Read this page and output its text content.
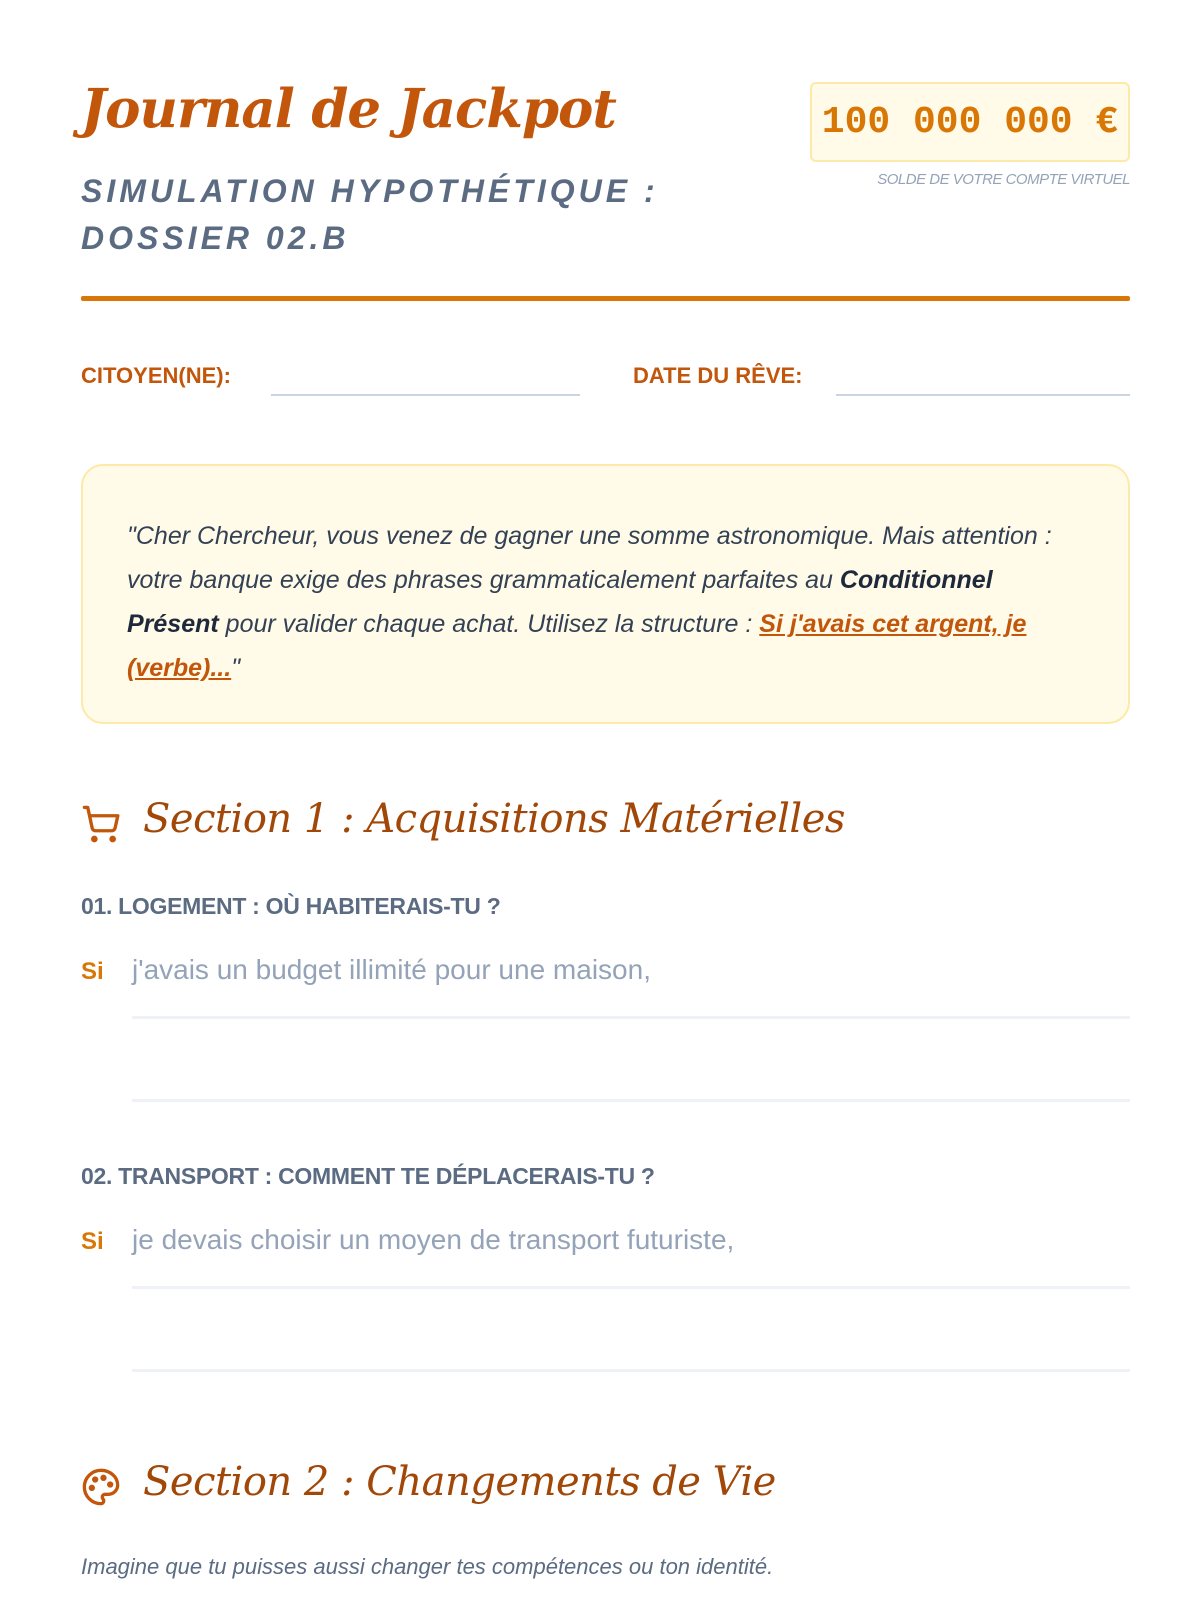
Journal de Jackpot
SIMULATION HYPOTHÉTIQUE : DOSSIER 02.B
100 000 000 €
SOLDE DE VOTRE COMPTE VIRTUEL
CITOYEN(NE):	DATE DU RÊVE:

"Cher Chercheur, vous venez de gagner une somme astronomique. Mais attention : votre banque exige des phrases grammaticalement parfaites au Conditionnel Présent pour valider chaque achat. Utilisez la structure : Si j'avais cet argent, je (verbe)..."

Section 1 : Acquisitions Matérielles
01. LOGEMENT : OÙ HABITERAIS-TU ?
Si j'avais un budget illimité pour une maison,
02. TRANSPORT : COMMENT TE DÉPLACERAIS-TU ?
Si je devais choisir un moyen de transport futuriste,
Section 2 : Changements de Vie
Imagine que tu puisses aussi changer tes compétences ou ton identité.
